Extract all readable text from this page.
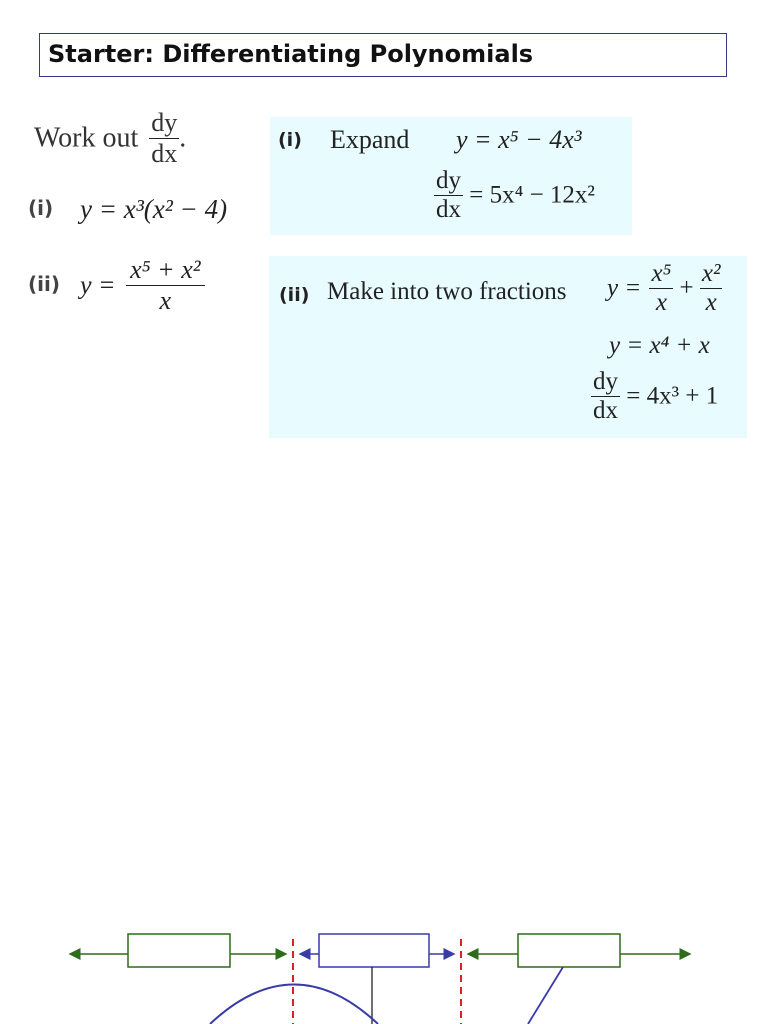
Starter: Differentiating Polynomials
Work out $\frac{dy}{dx}$ .
(i) y = x³(x² − 4)
(ii) $y = \frac{\text{x⁵ + x²}}{x}$
(i) Expand y = x⁵ − 4x³
$\frac{dy}{dx} = 5x^4 - 12x^2$
(ii) Make into two fractions $y = \frac{\text{x⁵}}{x} + \frac{\text{x²}}{x}$
y = x⁴ + x
$\frac{dy}{dx} = 4x^3 + 1$
